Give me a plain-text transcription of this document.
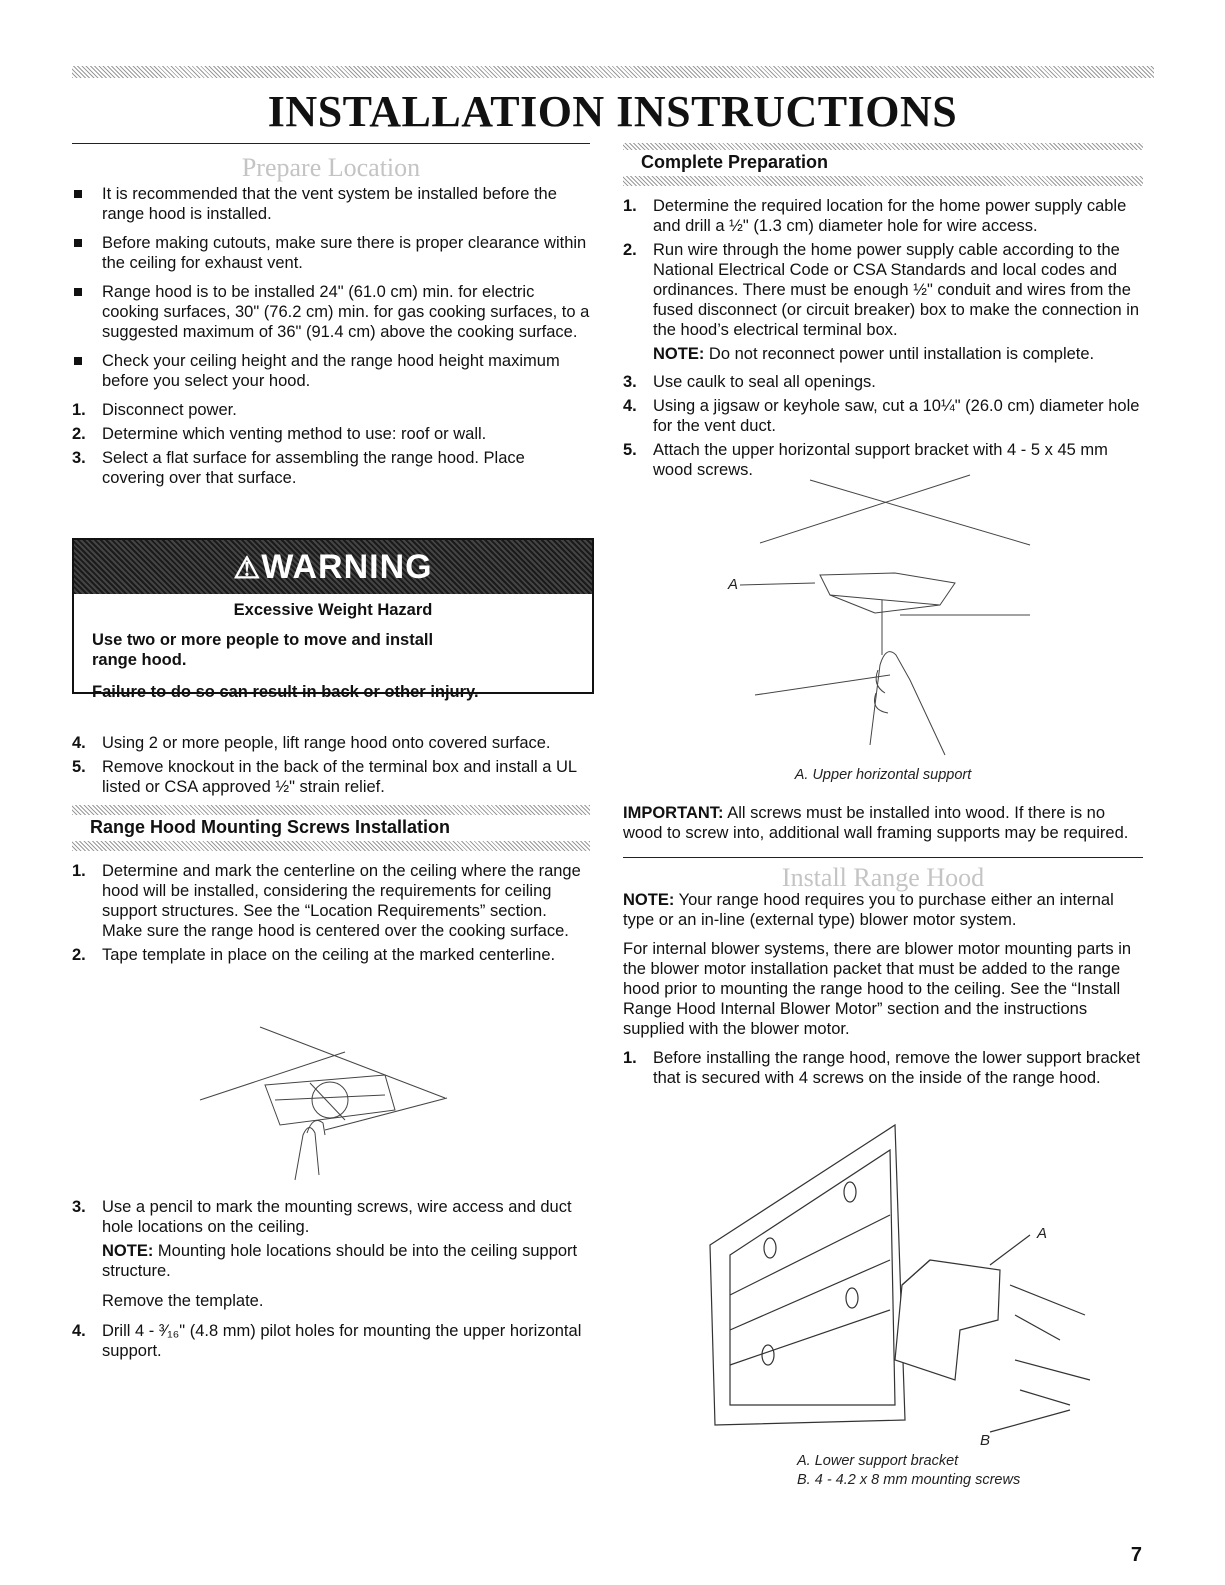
INSTALLATION INSTRUCTIONS
Prepare Location
It is recommended that the vent system be installed before the range hood is installed.
Before making cutouts, make sure there is proper clearance within the ceiling for exhaust vent.
Range hood is to be installed 24" (61.0 cm) min. for electric cooking surfaces, 30" (76.2 cm) min. for gas cooking surfaces, to a suggested maximum of 36" (91.4 cm) above the cooking surface.
Check your ceiling height and the range hood height maximum before you select your hood.
1. Disconnect power.
2. Determine which venting method to use: roof or wall.
3. Select a flat surface for assembling the range hood. Place covering over that surface.
⚠WARNING
Excessive Weight Hazard
Use two or more people to move and install range hood.
Failure to do so can result in back or other injury.
4. Using 2 or more people, lift range hood onto covered surface.
5. Remove knockout in the back of the terminal box and install a UL listed or CSA approved ½" strain relief.
Range Hood Mounting Screws Installation
1. Determine and mark the centerline on the ceiling where the range hood will be installed, considering the requirements for ceiling support structures. See the “Location Requirements” section. Make sure the range hood is centered over the cooking surface.
2. Tape template in place on the ceiling at the marked centerline.
3. Use a pencil to mark the mounting screws, wire access and duct hole locations on the ceiling.
NOTE: Mounting hole locations should be into the ceiling support structure.
Remove the template.
4. Drill 4 - ³⁄₁₆" (4.8 mm) pilot holes for mounting the upper horizontal support.
Complete Preparation
1. Determine the required location for the home power supply cable and drill a ½" (1.3 cm) diameter hole for wire access.
2. Run wire through the home power supply cable according to the National Electrical Code or CSA Standards and local codes and ordinances. There must be enough ½" conduit and wires from the fused disconnect (or circuit breaker) box to make the connection in the hood’s electrical terminal box.
NOTE: Do not reconnect power until installation is complete.
3. Use caulk to seal all openings.
4. Using a jigsaw or keyhole saw, cut a 10¼" (26.0 cm) diameter hole for the vent duct.
5. Attach the upper horizontal support bracket with 4 - 5 x 45 mm wood screws.
A
A. Upper horizontal support
IMPORTANT: All screws must be installed into wood. If there is no wood to screw into, additional wall framing supports may be required.
Install Range Hood
NOTE: Your range hood requires you to purchase either an internal type or an in-line (external type) blower motor system.
For internal blower systems, there are blower motor mounting parts in the blower motor installation packet that must be added to the range hood prior to mounting the range hood to the ceiling. See the “Install Range Hood Internal Blower Motor” section and the instructions supplied with the blower motor.
1. Before installing the range hood, remove the lower support bracket that is secured with 4 screws on the inside of the range hood.
A
B
A. Lower support bracket
B. 4 - 4.2 x 8 mm mounting screws
7
